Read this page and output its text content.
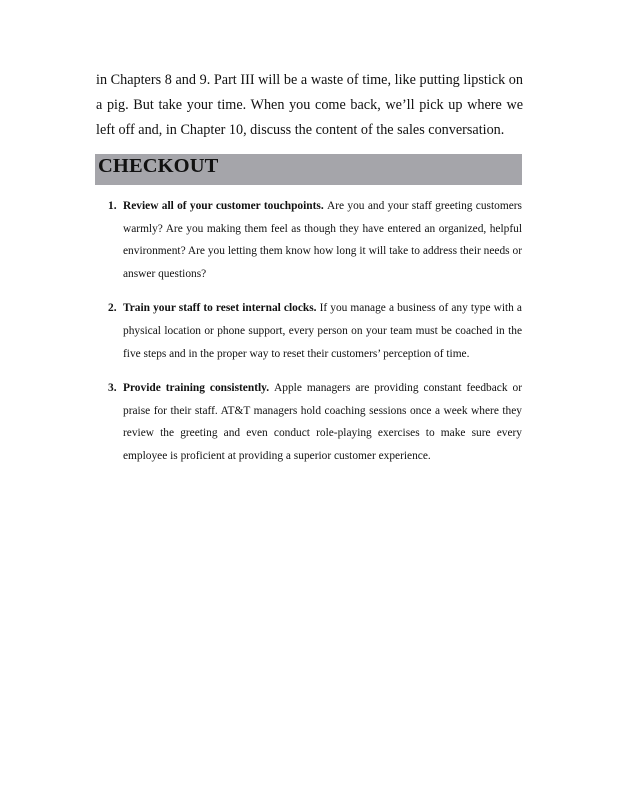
in Chapters 8 and 9. Part III will be a waste of time, like putting lipstick on a pig. But take your time. When you come back, we’ll pick up where we left off and, in Chapter 10, discuss the content of the sales conversation.

CHECKOUT
1. Review all of your customer touchpoints. Are you and your staff greeting customers warmly? Are you making them feel as though they have entered an organized, helpful environment? Are you letting them know how long it will take to address their needs or answer questions?
2. Train your staff to reset internal clocks. If you manage a business of any type with a physical location or phone support, every person on your team must be coached in the five steps and in the proper way to reset their customers’ perception of time.
3. Provide training consistently. Apple managers are providing constant feedback or praise for their staff. AT&T managers hold coaching sessions once a week where they review the greeting and even conduct role-playing exercises to make sure every employee is proficient at providing a superior customer experience.
